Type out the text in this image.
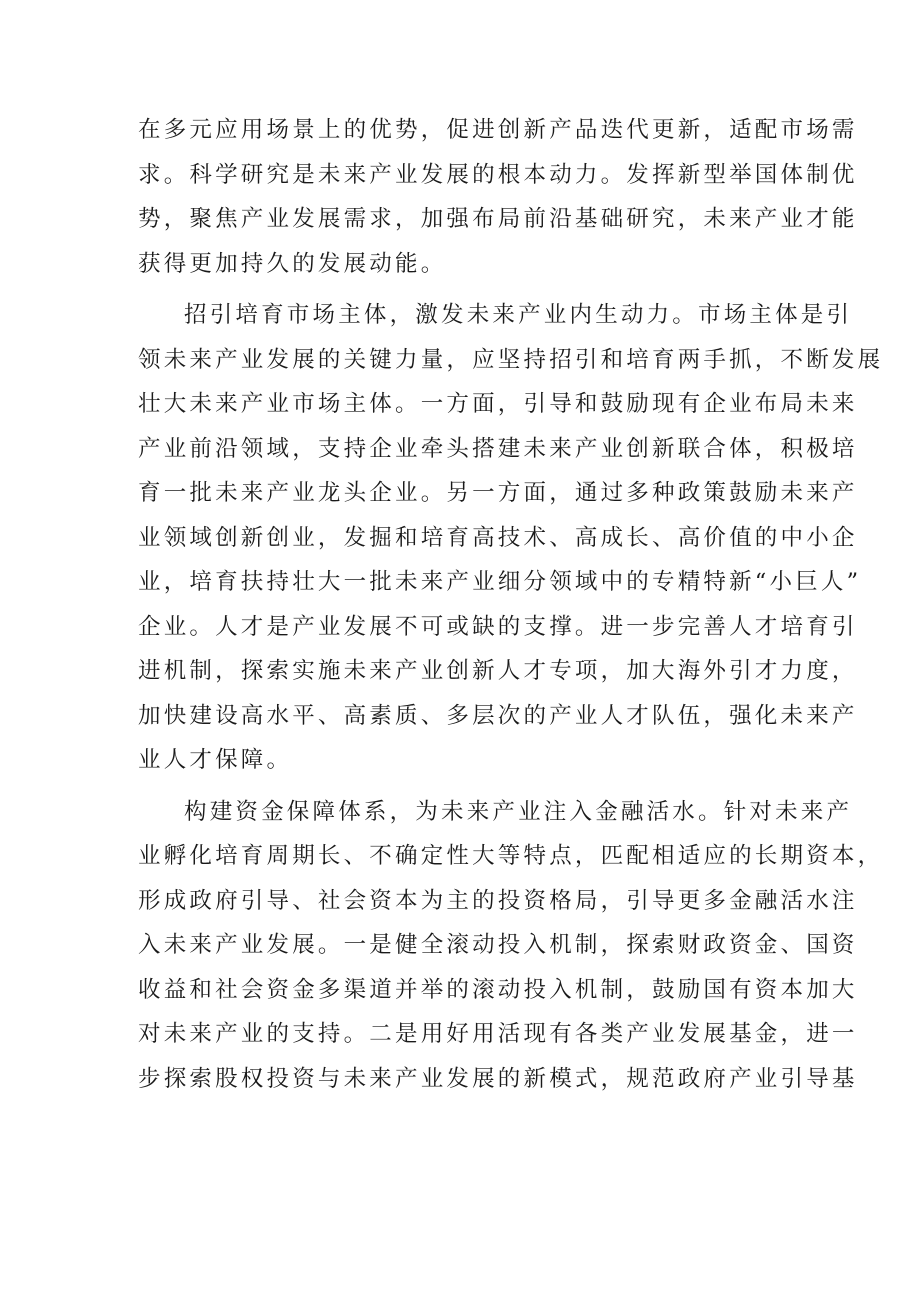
在多元应用场景上的优势，促进创新产品迭代更新，适配市场需
求。科学研究是未来产业发展的根本动力。发挥新型举国体制优
势，聚焦产业发展需求，加强布局前沿基础研究，未来产业才能
获得更加持久的发展动能。
招引培育市场主体，激发未来产业内生动力。市场主体是引
领未来产业发展的关键力量，应坚持招引和培育两手抓，不断发展
壮大未来产业市场主体。一方面，引导和鼓励现有企业布局未来
产业前沿领域，支持企业牵头搭建未来产业创新联合体，积极培
育一批未来产业龙头企业。另一方面，通过多种政策鼓励未来产
业领域创新创业，发掘和培育高技术、高成长、高价值的中小企
业，培育扶持壮大一批未来产业细分领域中的专精特新“小巨人”
企业。人才是产业发展不可或缺的支撑。进一步完善人才培育引
进机制，探索实施未来产业创新人才专项，加大海外引才力度，
加快建设高水平、高素质、多层次的产业人才队伍，强化未来产
业人才保障。
构建资金保障体系，为未来产业注入金融活水。针对未来产
业孵化培育周期长、不确定性大等特点，匹配相适应的长期资本，
形成政府引导、社会资本为主的投资格局，引导更多金融活水注
入未来产业发展。一是健全滚动投入机制，探索财政资金、国资
收益和社会资金多渠道并举的滚动投入机制，鼓励国有资本加大
对未来产业的支持。二是用好用活现有各类产业发展基金，进一
步探索股权投资与未来产业发展的新模式，规范政府产业引导基
